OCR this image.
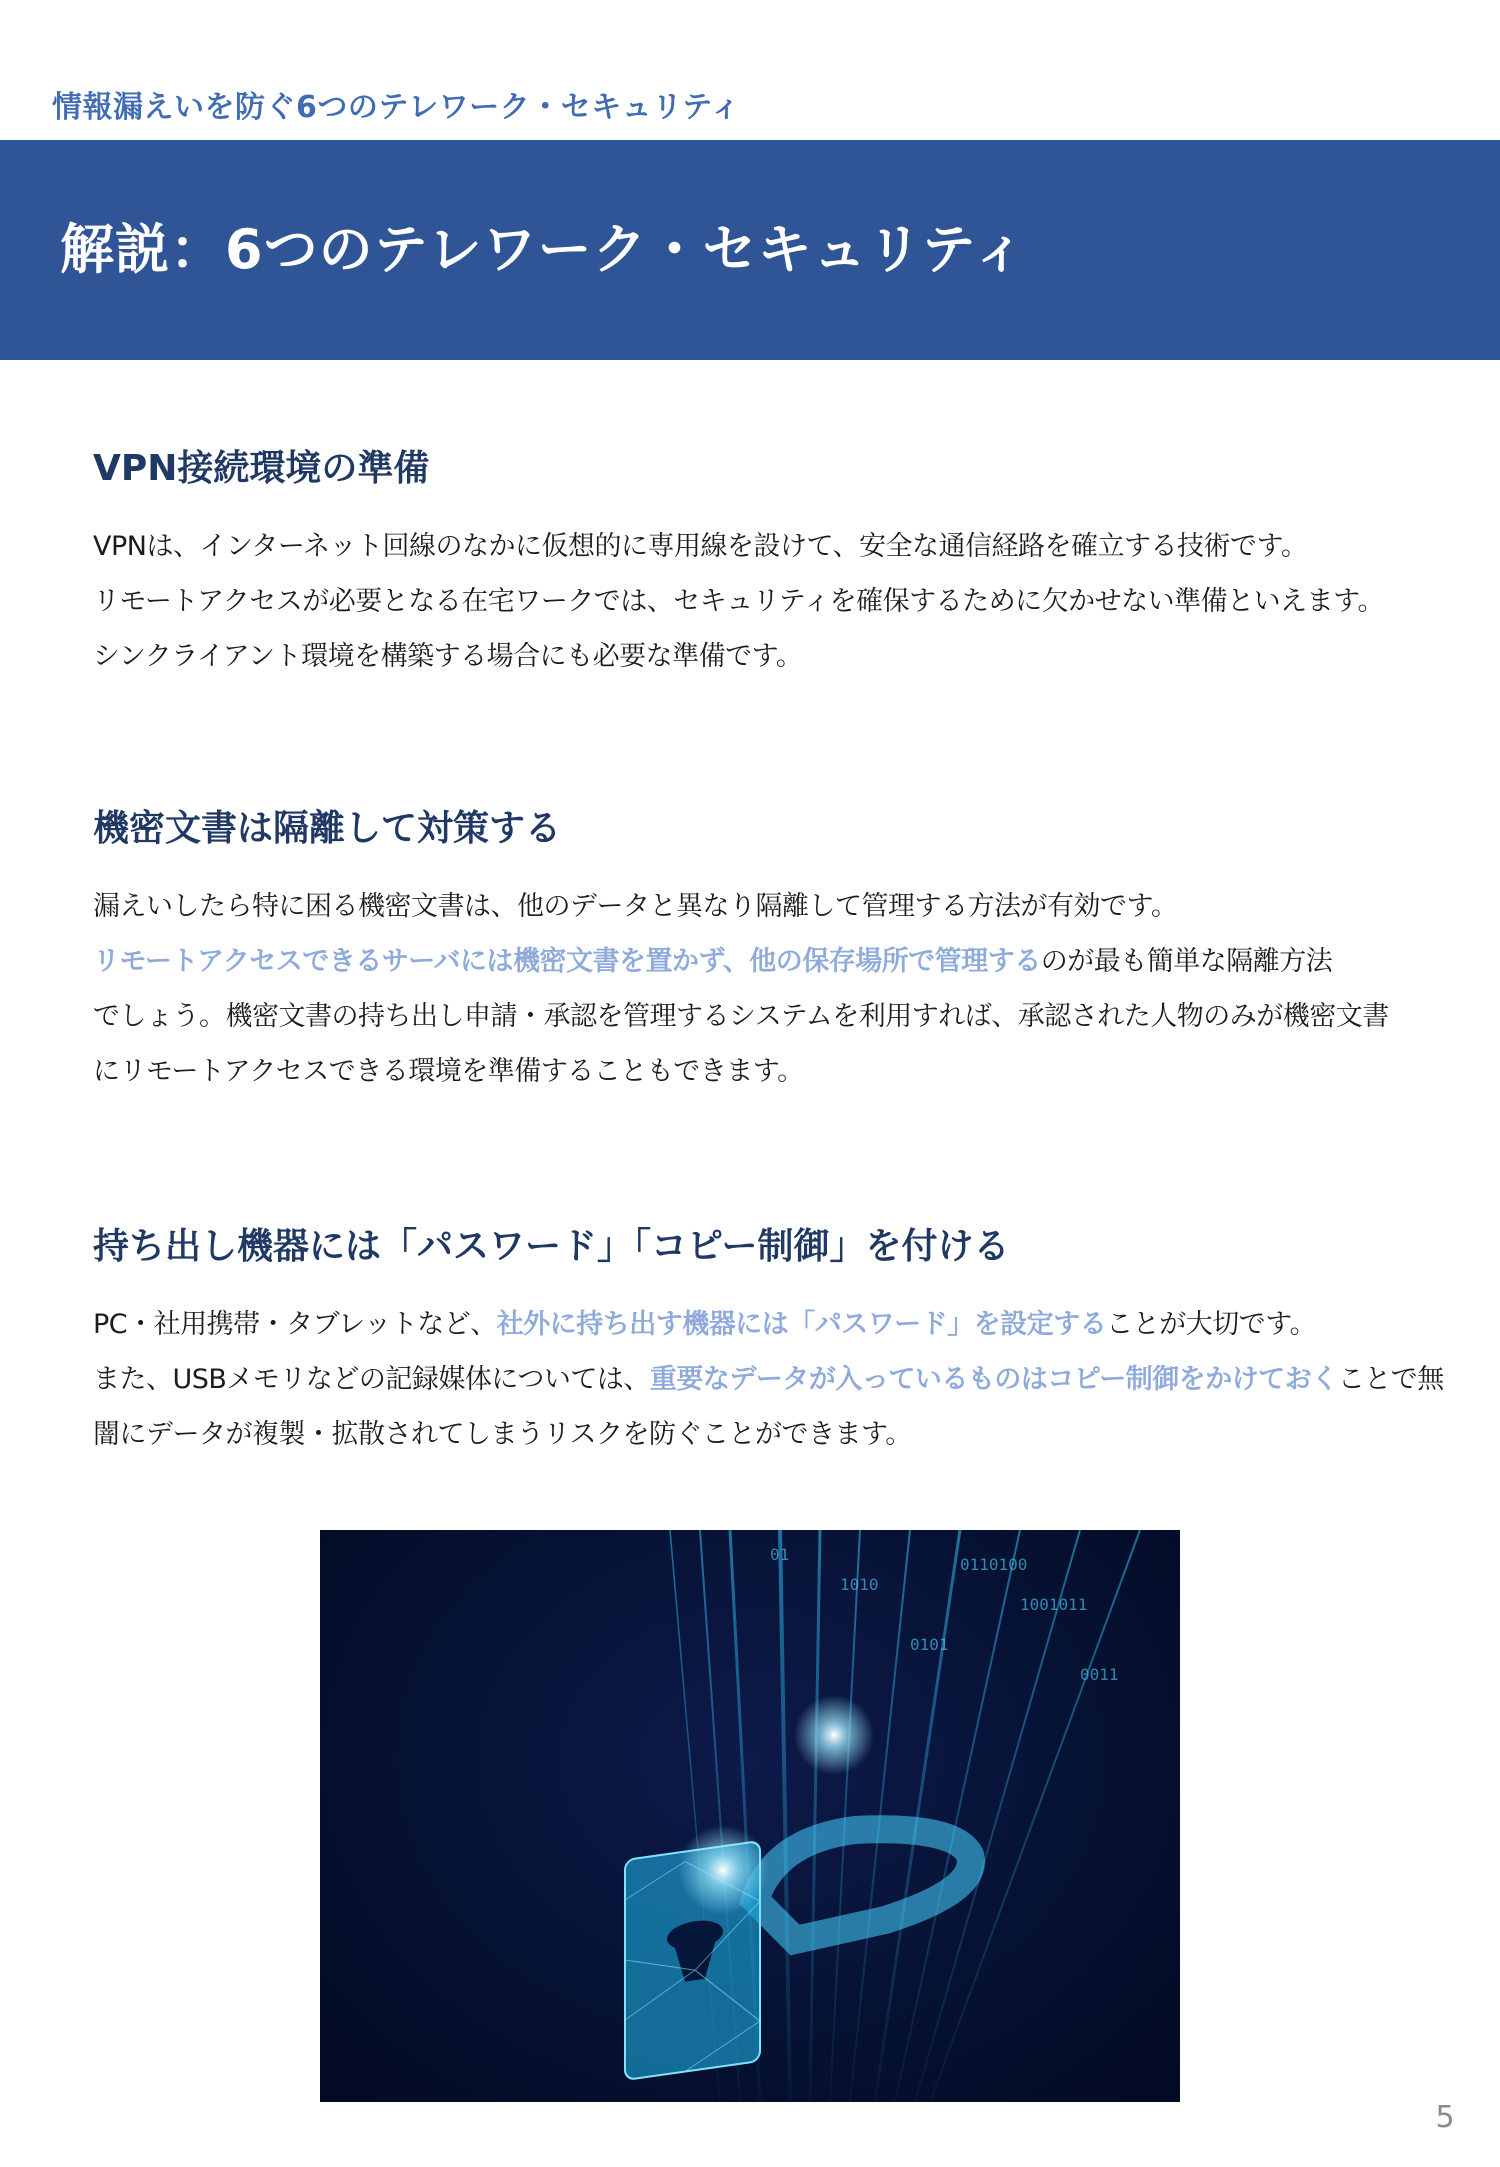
情報漏えいを防ぐ6つのテレワーク・セキュリティ
解説：6つのテレワーク・セキュリティ
VPN接続環境の準備

VPNは、インターネット回線のなかに仮想的に専用線を設けて、安全な通信経路を確立する技術です。

リモートアクセスが必要となる在宅ワークでは、セキュリティを確保するために欠かせない準備といえます。

シンクライアント環境を構築する場合にも必要な準備です。

機密文書は隔離して対策する

漏えいしたら特に困る機密文書は、他のデータと異なり隔離して管理する方法が有効です。

リモートアクセスできるサーバには機密文書を置かず、他の保存場所で管理するのが最も簡単な隔離方法

でしょう。機密文書の持ち出し申請・承認を管理するシステムを利用すれば、承認された人物のみが機密文書

にリモートアクセスできる環境を準備することもできます。

持ち出し機器には「パスワード」「コピー制御」を付ける

PC・社用携帯・タブレットなど、社外に持ち出す機器には「パスワード」を設定することが大切です。

また、USBメモリなどの記録媒体については、重要なデータが入っているものはコピー制御をかけておくことで無

闇にデータが複製・拡散されてしまうリスクを防ぐことができます。

0110100
1001011
0101
0011
1010
01
5
